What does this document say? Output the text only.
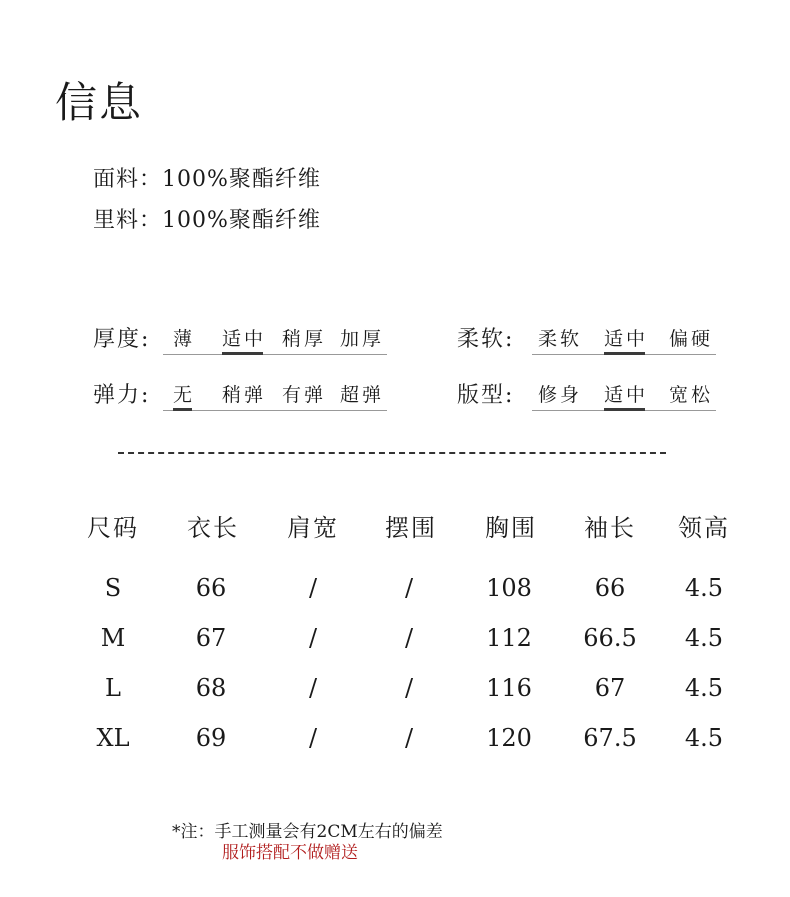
信息
面料：100%聚酯纤维
里料：100%聚酯纤维
厚度: 薄 适中 稍厚 加厚	柔软: 柔软 适中 偏硬
弹力: 无 稍弹 有弹 超弹	版型: 修身 适中 宽松
尺码	衣长	肩宽	摆围	胸围	袖长	领高
S	66	/	/	108	66	4.5
M	67	/	/	112	66.5	4.5
L	68	/	/	116	67	4.5
XL	69	/	/	120	67.5	4.5
*注：手工测量会有2CM左右的偏差
服饰搭配不做赠送
